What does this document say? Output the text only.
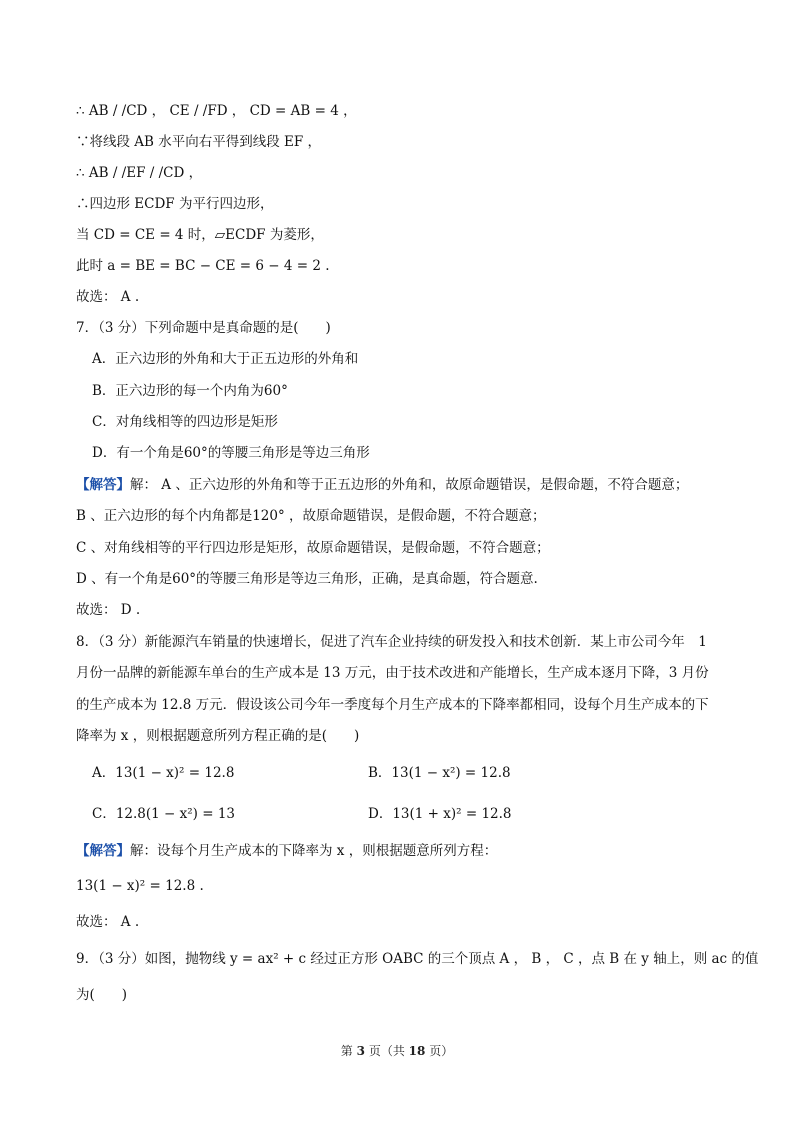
∴ AB / /CD ， CE / /FD ， CD = AB = 4 ，
∵将线段 AB 水平向右平得到线段 EF ，
∴ AB / /EF / /CD ，
∴四边形 ECDF 为平行四边形，
当 CD = CE = 4 时，▱ECDF 为菱形，
此时 a = BE = BC − CE = 6 − 4 = 2 .
故选： A .
7．（3 分）下列命题中是真命题的是(　　)
A．正六边形的外角和大于正五边形的外角和
B．正六边形的每一个内角为60°
C．对角线相等的四边形是矩形
D．有一个角是60°的等腰三角形是等边三角形
【解答】解： A 、正六边形的外角和等于正五边形的外角和，故原命题错误，是假命题，不符合题意；
B 、正六边形的每个内角都是120° ，故原命题错误，是假命题，不符合题意；
C 、对角线相等的平行四边形是矩形，故原命题错误，是假命题，不符合题意；
D 、有一个角是60°的等腰三角形是等边三角形，正确，是真命题，符合题意.
故选： D .
8．（3 分）新能源汽车销量的快速增长，促进了汽车企业持续的研发投入和技术创新．某上市公司今年　1
月份一品牌的新能源车单台的生产成本是 13 万元，由于技术改进和产能增长，生产成本逐月下降，3 月份
的生产成本为 12.8 万元．假设该公司今年一季度每个月生产成本的下降率都相同，设每个月生产成本的下
降率为 x ，则根据题意所列方程正确的是(　　)
A．13(1 − x)² = 12.8	B．13(1 − x²) = 12.8
C．12.8(1 − x²) = 13	D．13(1 + x)² = 12.8
【解答】解：设每个月生产成本的下降率为 x ，则根据题意所列方程：
13(1 − x)² = 12.8 .
故选： A .
9．（3 分）如图，抛物线 y = ax² + c 经过正方形 OABC 的三个顶点 A ， B ， C ，点 B 在 y 轴上，则 ac 的值
为(　　)
第 3 页（共 18 页）
